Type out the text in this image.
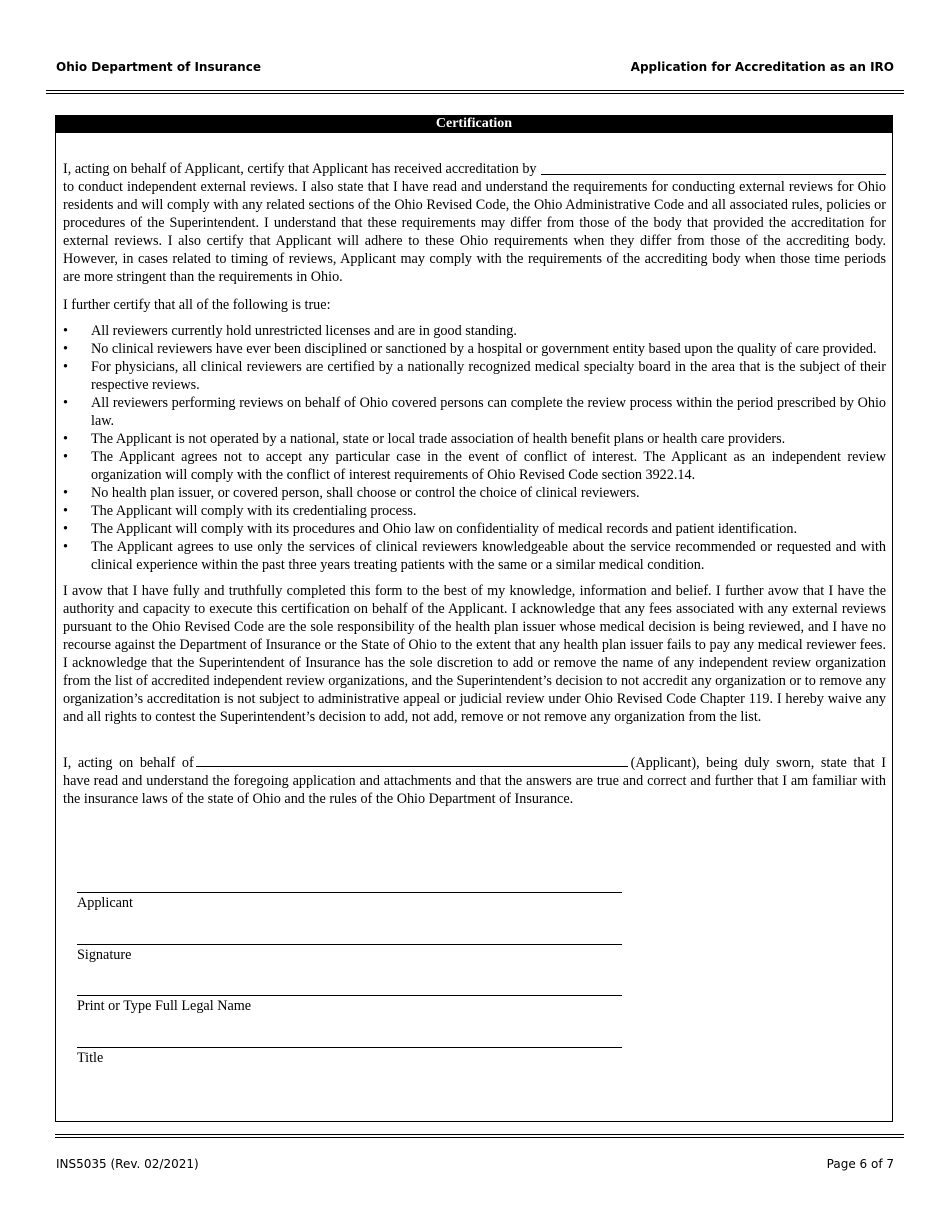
Ohio Department of Insurance	Application for Accreditation as an IRO
Certification
I, acting on behalf of Applicant, certify that Applicant has received accreditation by

to conduct independent external reviews. I also state that I have read and understand the requirements for conducting external reviews for Ohio residents and will comply with any related sections of the Ohio Revised Code, the Ohio Administrative Code and all associated rules, policies or procedures of the Superintendent. I understand that these requirements may differ from those of the body that provided the accreditation for external reviews. I also certify that Applicant will adhere to these Ohio requirements when they differ from those of the accrediting body. However, in cases related to timing of reviews, Applicant may comply with the requirements of the accrediting body when those time periods are more stringent than the requirements in Ohio.

I further certify that all of the following is true:

• All reviewers currently hold unrestricted licenses and are in good standing.
• No clinical reviewers have ever been disciplined or sanctioned by a hospital or government entity based upon the quality of care provided.
• For physicians, all clinical reviewers are certified by a nationally recognized medical specialty board in the area that is the subject of their respective reviews.
• All reviewers performing reviews on behalf of Ohio covered persons can complete the review process within the period prescribed by Ohio law.
• The Applicant is not operated by a national, state or local trade association of health benefit plans or health care providers.
• The Applicant agrees not to accept any particular case in the event of conflict of interest. The Applicant as an independent review organization will comply with the conflict of interest requirements of Ohio Revised Code section 3922.14.
• No health plan issuer, or covered person, shall choose or control the choice of clinical reviewers.
• The Applicant will comply with its credentialing process.
• The Applicant will comply with its procedures and Ohio law on confidentiality of medical records and patient identification.
• The Applicant agrees to use only the services of clinical reviewers knowledgeable about the service recommended or requested and with clinical experience within the past three years treating patients with the same or a similar medical condition.

I avow that I have fully and truthfully completed this form to the best of my knowledge, information and belief. I further avow that I have the authority and capacity to execute this certification on behalf of the Applicant. I acknowledge that any fees associated with any external reviews pursuant to the Ohio Revised Code are the sole responsibility of the health plan issuer whose medical decision is being reviewed, and I have no recourse against the Department of Insurance or the State of Ohio to the extent that any health plan issuer fails to pay any medical reviewer fees. I acknowledge that the Superintendent of Insurance has the sole discretion to add or remove the name of any independent review organization from the list of accredited independent review organizations, and the Superintendent’s decision to not accredit any organization or to remove any organization’s accreditation is not subject to administrative appeal or judicial review under Ohio Revised Code Chapter 119. I hereby waive any and all rights to contest the Superintendent’s decision to add, not add, remove or not remove any organization from the list.

I, acting on behalf of	(Applicant), being duly sworn, state that I have read and understand the foregoing application and attachments and that the answers are true and correct and further that I am familiar with the insurance laws of the state of Ohio and the rules of the Ohio Department of Insurance.

Applicant
Signature
Print or Type Full Legal Name
Title
INS5035 (Rev. 02/2021)	Page 6 of 7
